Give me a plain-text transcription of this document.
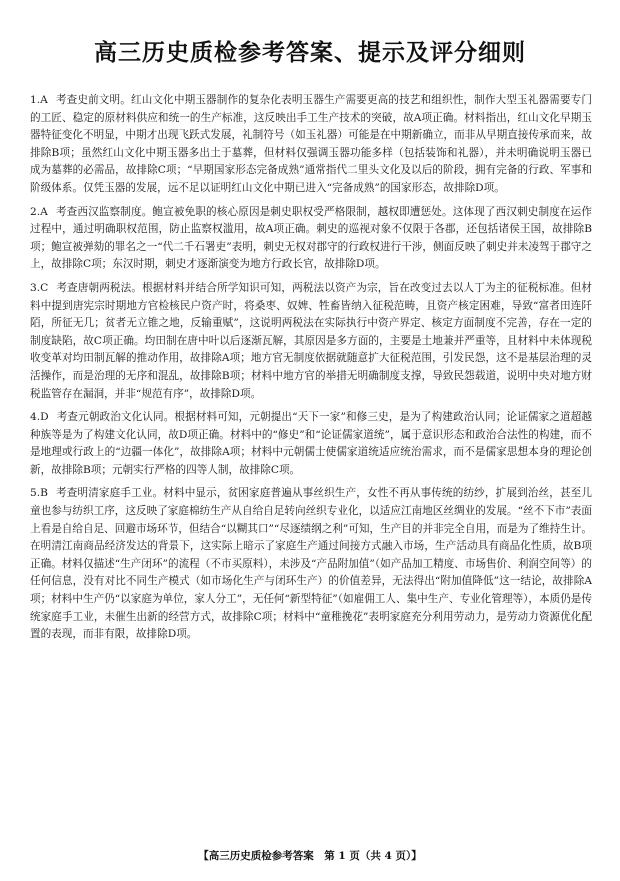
高三历史质检参考答案、提示及评分细则

1.A 考查史前文明。红山文化中期玉器制作的复杂化表明玉器生产需要更高的技艺和组织性，制作大型玉礼器需要专门的工匠、稳定的原材料供应和统一的生产标准，这反映出手工生产技术的突破，故A项正确。材料指出，红山文化早期玉器特征变化不明显，中期才出现飞跃式发展，礼制符号（如玉礼器）可能是在中期新确立，而非从早期直接传承而来，故排除B项；虽然红山文化中期玉器多出土于墓葬，但材料仅强调玉器功能多样（包括装饰和礼器），并未明确说明玉器已成为墓葬的必需品，故排除C项；“早期国家形态完备成熟”通常指代二里头文化及以后的阶段，拥有完备的行政、军事和阶级体系。仅凭玉器的发展，远不足以证明红山文化中期已进入“完备成熟”的国家形态，故排除D项。

2.A 考查西汉监察制度。鲍宣被免职的核心原因是刺史职权受严格限制，越权即遭惩处。这体现了西汉刺史制度在运作过程中，通过明确职权范围，防止监察权滥用，故A项正确。刺史的巡视对象不仅限于各郡，还包括诸侯王国，故排除B项；鲍宣被弹劾的罪名之一“代二千石署吏”表明，刺史无权对郡守的行政权进行干涉，侧面反映了刺史并未凌驾于郡守之上，故排除C项；东汉时期，刺史才逐渐演变为地方行政长官，故排除D项。

3.C 考查唐朝两税法。根据材料并结合所学知识可知，两税法以资产为宗，旨在改变过去以人丁为主的征税标准。但材料中提到唐宪宗时期地方官检核民户资产时，将桑枣、奴婢、牲畜皆纳入征税范畴，且资产核定困难，导致“富者田连阡陌，所征无几；贫者无立锥之地，反输重赋”，这说明两税法在实际执行中资产界定、核定方面制度不完善，存在一定的制度缺陷，故C项正确。均田制在唐中叶以后逐渐瓦解，其原因是多方面的，主要是土地兼并严重等，且材料中未体现税收变革对均田制瓦解的推动作用，故排除A项；地方官无制度依据就随意扩大征税范围，引发民怨，这不是基层治理的灵活操作，而是治理的无序和混乱，故排除B项；材料中地方官的举措无明确制度支撑，导致民怨载道，说明中央对地方财税监管存在漏洞，并非“规范有序”，故排除D项。

4.D 考查元朝政治文化认同。根据材料可知，元朝提出“天下一家”和修三史，是为了构建政治认同；论证儒家之道超越种族等是为了构建文化认同，故D项正确。材料中的“修史”和“论证儒家道统”，属于意识形态和政治合法性的构建，而不是地理或行政上的“边疆一体化”，故排除A项；材料中元朝儒士使儒家道统适应统治需求，而不是儒家思想本身的理论创新，故排除B项；元朝实行严格的四等人制，故排除C项。

5.B 考查明清家庭手工业。材料中显示，贫困家庭普遍从事丝织生产，女性不再从事传统的纺纱，扩展到治丝，甚至儿童也参与纺织工序，这反映了家庭棉纺生产从自给自足转向丝织专业化，以适应江南地区丝绸业的发展。“丝不下市”表面上看是自给自足、回避市场环节，但结合“以糊其口”“尽逐绩纲之利”可知，生产目的并非完全自用，而是为了维持生计。在明清江南商品经济发达的背景下，这实际上暗示了家庭生产通过间接方式融入市场，生产活动具有商品化性质，故B项正确。材料仅描述“生产闭环”的流程（不市买原料），未涉及“产品附加值”（如产品加工精度、市场售价、利润空间等）的任何信息，没有对比不同生产模式（如市场化生产与闭环生产）的价值差异，无法得出“附加值降低”这一结论，故排除A项；材料中生产仍“以家庭为单位，家人分工”，无任何“新型特征”（如雇佣工人、集中生产、专业化管理等），本质仍是传统家庭手工业，未催生出新的经营方式，故排除C项；材料中“童稚挽花”表明家庭充分利用劳动力，是劳动力资源优化配置的表现，而非有限，故排除D项。

【高三历史质检参考答案　第 1 页（共 4 页）】
